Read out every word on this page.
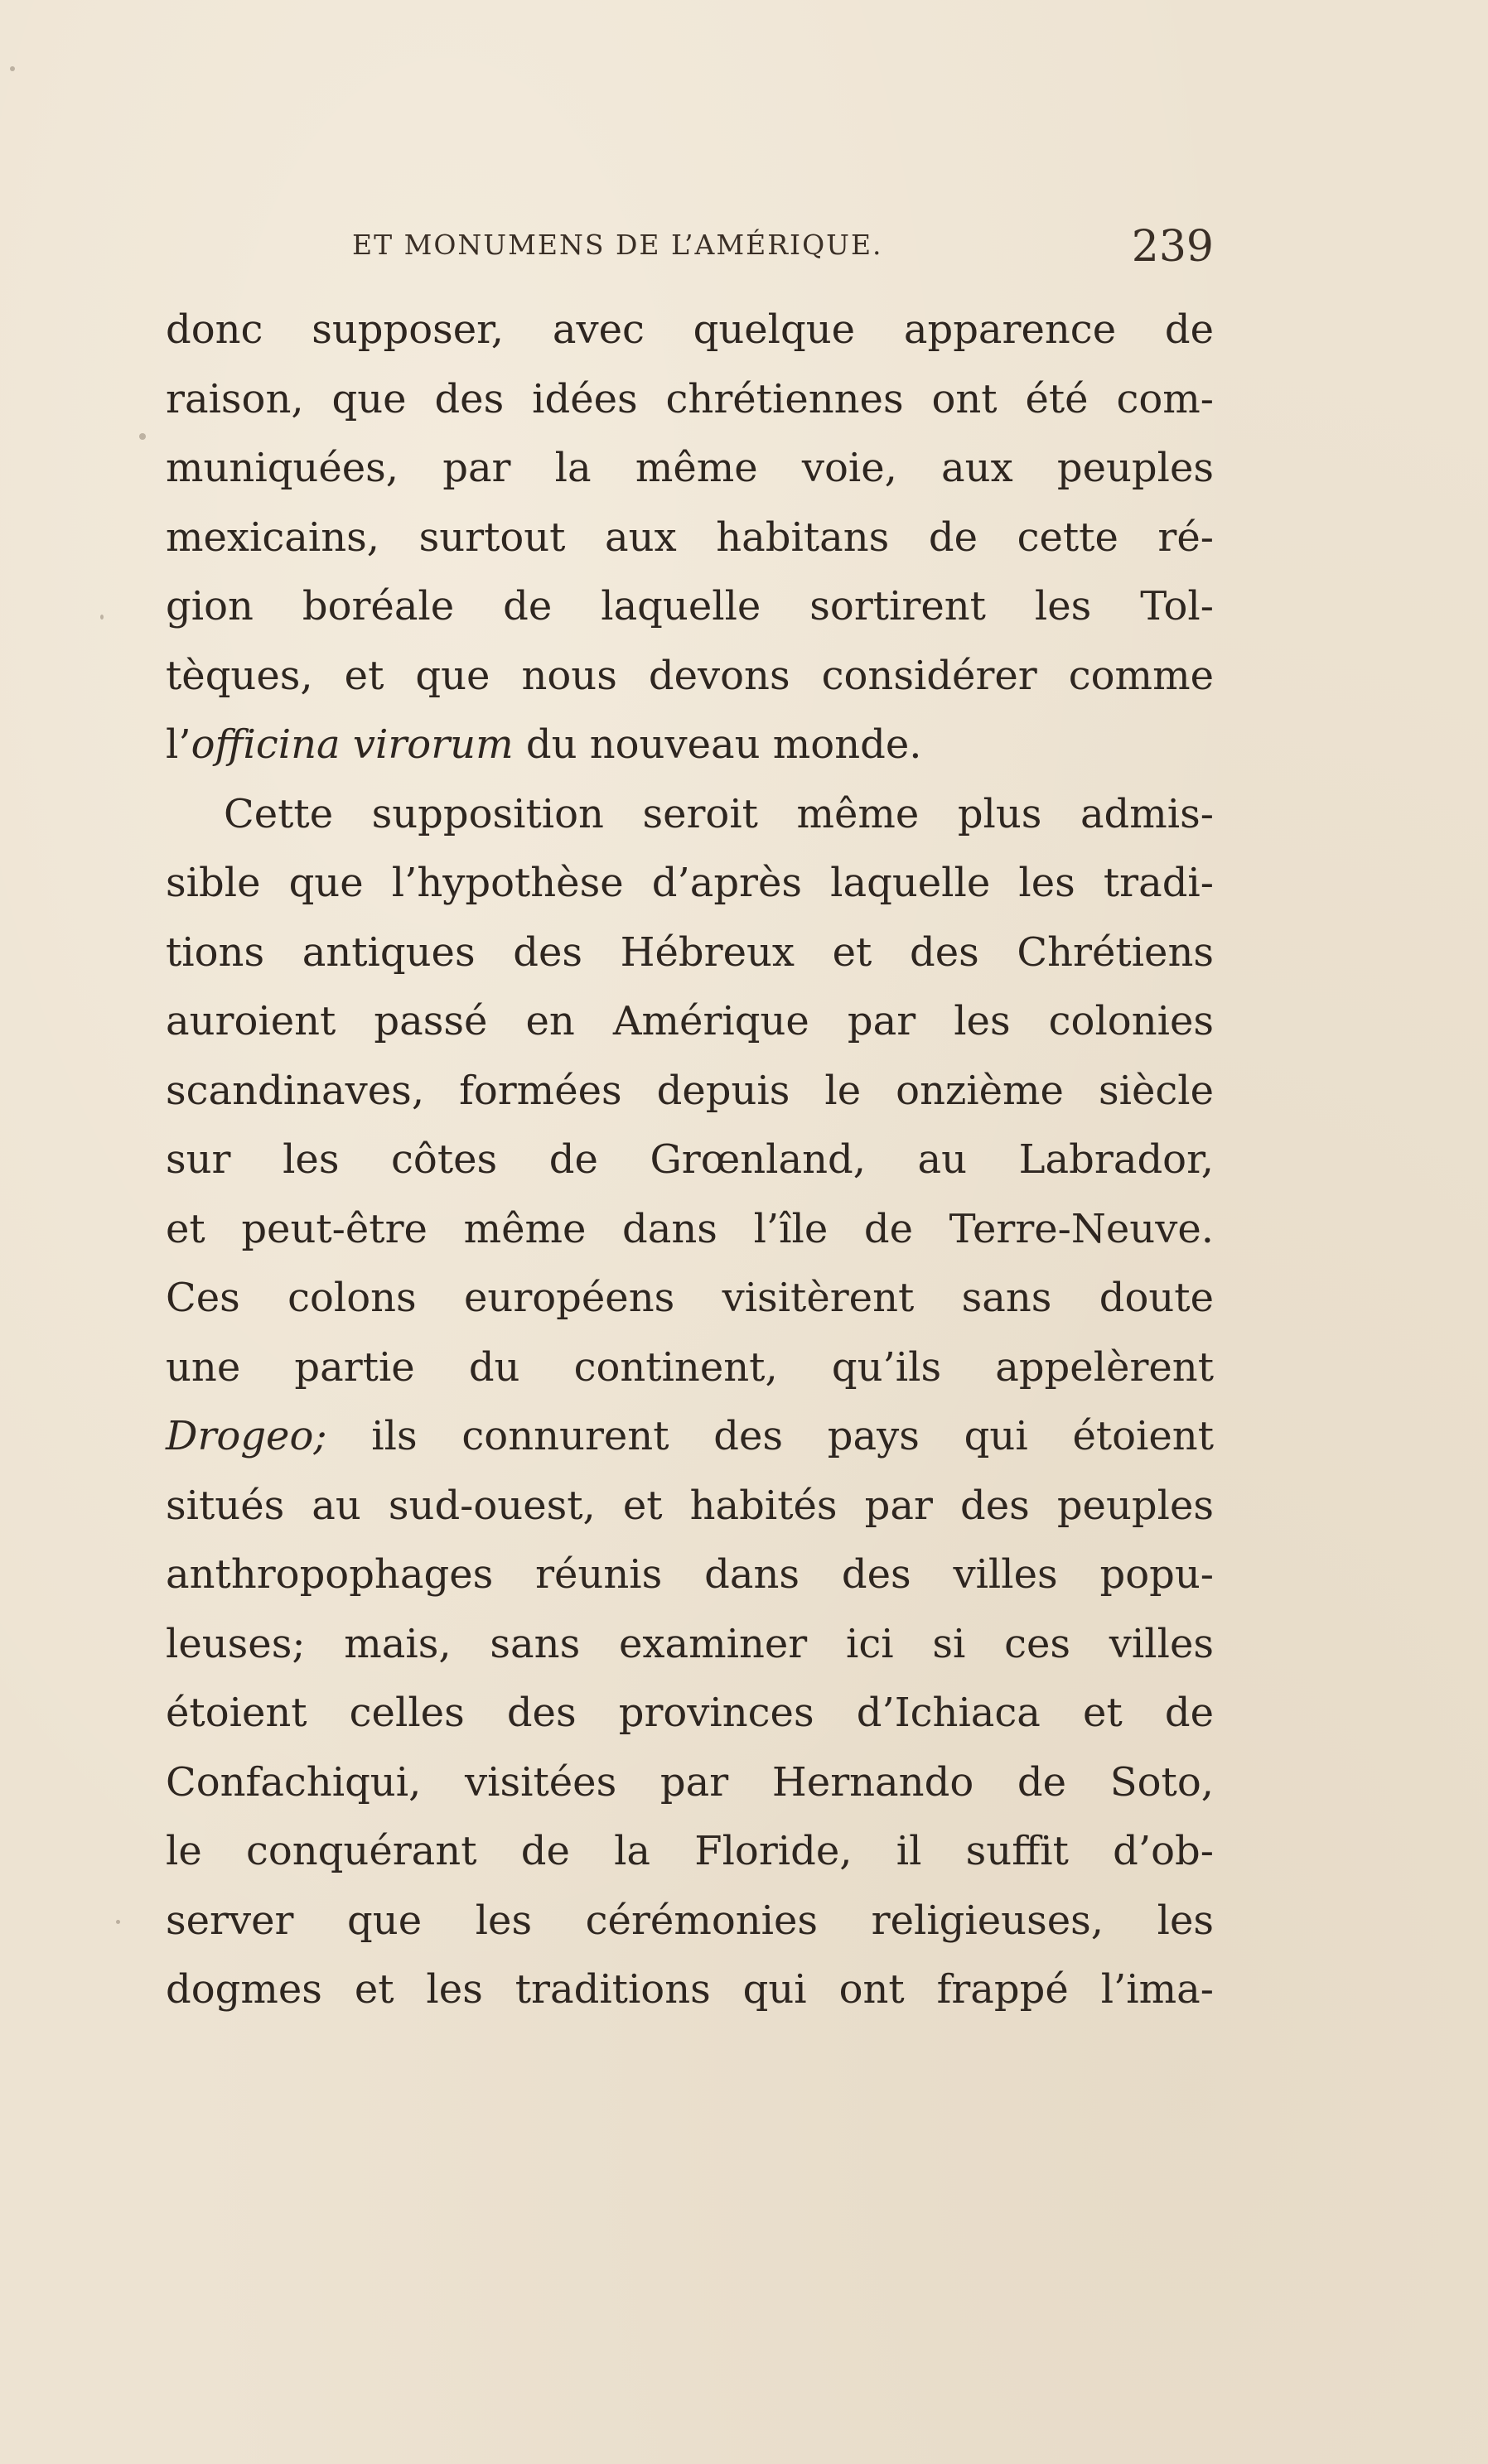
ET MONUMENS DE L’AMÉRIQUE.	239
donc supposer, avec quelque apparence de
raison, que des idées chrétiennes ont été com-
muniquées, par la même voie, aux peuples
mexicains, surtout aux habitans de cette ré-
gion boréale de laquelle sortirent les Tol-
tèques, et que nous devons considérer comme
l’officina virorum du nouveau monde.
Cette supposition seroit même plus admis-
sible que l’hypothèse d’après laquelle les tradi-
tions antiques des Hébreux et des Chrétiens
auroient passé en Amérique par les colonies
scandinaves, formées depuis le onzième siècle
sur les côtes de Grœnland, au Labrador,
et peut-être même dans l’île de Terre-Neuve.
Ces colons européens visitèrent sans doute
une partie du continent, qu’ils appelèrent
Drogeo; ils connurent des pays qui étoient
situés au sud-ouest, et habités par des peuples
anthropophages réunis dans des villes popu-
leuses; mais, sans examiner ici si ces villes
étoient celles des provinces d’Ichiaca et de
Confachiqui, visitées par Hernando de Soto,
le conquérant de la Floride, il suffit d’ob-
server que les cérémonies religieuses, les
dogmes et les traditions qui ont frappé l’ima-
